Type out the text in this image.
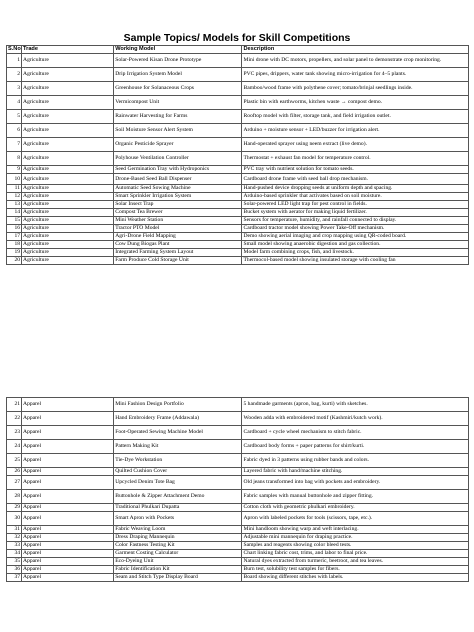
Sample Topics/ Models for Skill Competitions
S.No	Trade	Working Model	Description
1	Agriculture	Solar-Powered Kisan Drone Prototype	Mini drone with DC motors, propellers, and solar panel to demonstrate crop monitoring.
2	Agriculture	Drip Irrigation System Model	PVC pipes, drippers, water tank showing micro-irrigation for 4–5 plants.
3	Agriculture	Greenhouse for Solanaceous Crops	Bamboo/wood frame with polythene cover; tomato/brinjal seedlings inside.
4	Agriculture	Vermicompost Unit	Plastic bin with earthworms, kitchen waste → compost demo.
5	Agriculture	Rainwater Harvesting for Farms	Rooftop model with filter, storage tank, and field irrigation outlet.
6	Agriculture	Soil Moisture Sensor Alert System	Arduino + moisture sensor + LED/buzzer for irrigation alert.
7	Agriculture	Organic Pesticide Sprayer	Hand-operated sprayer using neem extract (live demo).
8	Agriculture	Polyhouse Ventilation Controller	Thermostat + exhaust fan model for temperature control.
9	Agriculture	Seed Germination Tray with Hydroponics	PVC tray with nutrient solution for tomato seeds.
10	Agriculture	Drone-Based Seed Ball Dispenser	Cardboard drone frame with seed ball drop mechanism.
11	Agriculture	Automatic Seed Sowing Machine	Hand-pushed device dropping seeds at uniform depth and spacing.
12	Agriculture	Smart Sprinkler Irrigation System	Arduino-based sprinkler that activates based on soil moisture.
13	Agriculture	Solar Insect Trap	Solar-powered LED light trap for pest control in fields.
14	Agriculture	Compost Tea Brewer	Bucket system with aerator for making liquid fertilizer.
15	Agriculture	Mini Weather Station	Sensors for temperature, humidity, and rainfall connected to display.
16	Agriculture	Tractor PTO Model	Cardboard tractor model showing Power Take-Off mechanism.
17	Agriculture	Agri-Drone Field Mapping	Demo showing aerial imaging and crop mapping using QR-coded board.
18	Agriculture	Cow Dung Biogas Plant	Small model showing anaerobic digestion and gas collection.
19	Agriculture	Integrated Farming System Layout	Model farm combining crops, fish, and livestock.
20	Agriculture	Farm Produce Cold Storage Unit	Thermocol-based model showing insulated storage with cooling fan
21	Apparel	Mini Fashion Design Portfolio	5 handmade garments (apron, bag, kurti) with sketches.
22	Apparel	Hand Embroidery Frame (Addawala)	Wooden adda with embroidered motif (Kashmiri/kutch work).
23	Apparel	Foot-Operated Sewing Machine Model	Cardboard + cycle wheel mechanism to stitch fabric.
24	Apparel	Pattern Making Kit	Cardboard body forms + paper patterns for shirt/kurti.
25	Apparel	Tie-Dye Workstation	Fabric dyed in 3 patterns using rubber bands and colors.
26	Apparel	Quilted Cushion Cover	Layered fabric with hand/machine stitching.
27	Apparel	Upcycled Denim Tote Bag	Old jeans transformed into bag with pockets and embroidery.
28	Apparel	Buttonhole & Zipper Attachment Demo	Fabric samples with manual buttonhole and zipper fitting.
29	Apparel	Traditional Phulkari Dupatta	Cotton cloth with geometric phulkari embroidery.
30	Apparel	Smart Apron with Pockets	Apron with labeled pockets for tools (scissors, tape, etc.).
31	Apparel	Fabric Weaving Loom	Mini handloom showing warp and weft interlacing.
32	Apparel	Dress Draping Mannequin	Adjustable mini mannequin for draping practice.
33	Apparel	Color Fastness Testing Kit	Samples and reagents showing color bleed tests.
34	Apparel	Garment Costing Calculator	Chart linking fabric cost, trims, and labor to final price.
35	Apparel	Eco-Dyeing Unit	Natural dyes extracted from turmeric, beetroot, and tea leaves.
36	Apparel	Fabric Identification Kit	Burn test, solubility test samples for fibers.
37	Apparel	Seam and Stitch Type Display Board	Board showing different stitches with labels.
